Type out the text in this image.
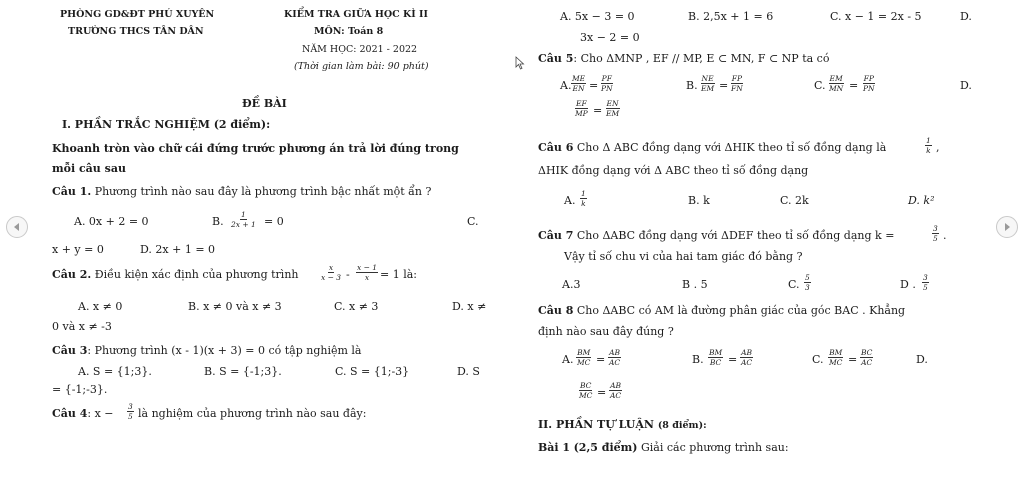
PHÒNG GD&ĐT PHÚ XUYÊN
TRƯỜNG THCS TÂN DÂN
KIỂM TRA GIỮA HỌC KÌ II
MÔN: Toán 8
NĂM HỌC: 2021 - 2022
(Thời gian làm bài: 90 phút)
ĐỀ BÀI
I. PHẦN TRẮC NGHIỆM (2 điểm):
Khoanh tròn vào chữ cái đứng trước phương án trả lời đúng trong
mỗi câu sau
Câu 1. Phương trình nào sau đây là phương trình bậc nhất một ẩn ?
A. 0x + 2 = 0	B. $\frac{1}{2x + 1} = 0$	C.
x + y = 0	D. 2x + 1 = 0
Câu 2. Điều kiện xác định của phương trình	$\frac{x}{x - 3} - \frac{x - 1}{x} = 1$ là:
A. x ≠ 0	B. x ≠ 0 và x ≠ 3	C. x ≠ 3	D. x ≠
0 và x ≠ -3
Câu 3: Phương trình (x - 1)(x + 3) = 0 có tập nghiệm là
A. S = {1;3}.	B. S = {-1;3}.	C. S = {1;-3}	D. S
= {-1;-3}.
Câu 4: $x - \frac{3}{5}$ là nghiệm của phương trình nào sau đây:
A. 5x − 3 = 0	B. 2,5x + 1 = 6	C. x − 1 = 2x - 5	D.
3x − 2 = 0
Câu 5: Cho ΔMNP , EF // MP, E ⊂ MN, F ⊂ NP ta có
A. $\frac{ME}{EN} = \frac{PF}{PN}$	B. $\frac{NE}{EM} = \frac{FP}{FN}$	C. $\frac{EM}{MN} = \frac{FP}{PN}$	D.
$\frac{EF}{MP} = \frac{EN}{EM}$
Câu 6 Cho Δ ABC đồng dạng với ΔHIK theo tỉ số đồng dạng là	$\frac{1}{k}$ ,
ΔHIK đồng dạng với Δ ABC theo tỉ số đồng dạng
A. $\frac{1}{k}$	B. k	C. 2k	D. k²
Câu 7 Cho ΔABC đồng dạng với ΔDEF theo tỉ số đồng dạng k =	$\frac{3}{5}$ .
Vậy tỉ số chu vi của hai tam giác đó bằng ?
A.3	B . 5	C. $\frac{5}{3}$	D . $\frac{3}{5}$
Câu 8 Cho ΔABC có AM là đường phân giác của góc BAC . Khẳng
định nào sau đây đúng ?
A. $\frac{BM}{MC} = \frac{AB}{AC}$	B. $\frac{BM}{BC} = \frac{AB}{AC}$	C. $\frac{BM}{MC} = \frac{BC}{AC}$	D.
$\frac{BC}{MC} = \frac{AB}{AC}$
II. PHẦN TỰ LUẬN (8 điểm):
Bài 1 (2,5 điểm) Giải các phương trình sau:
